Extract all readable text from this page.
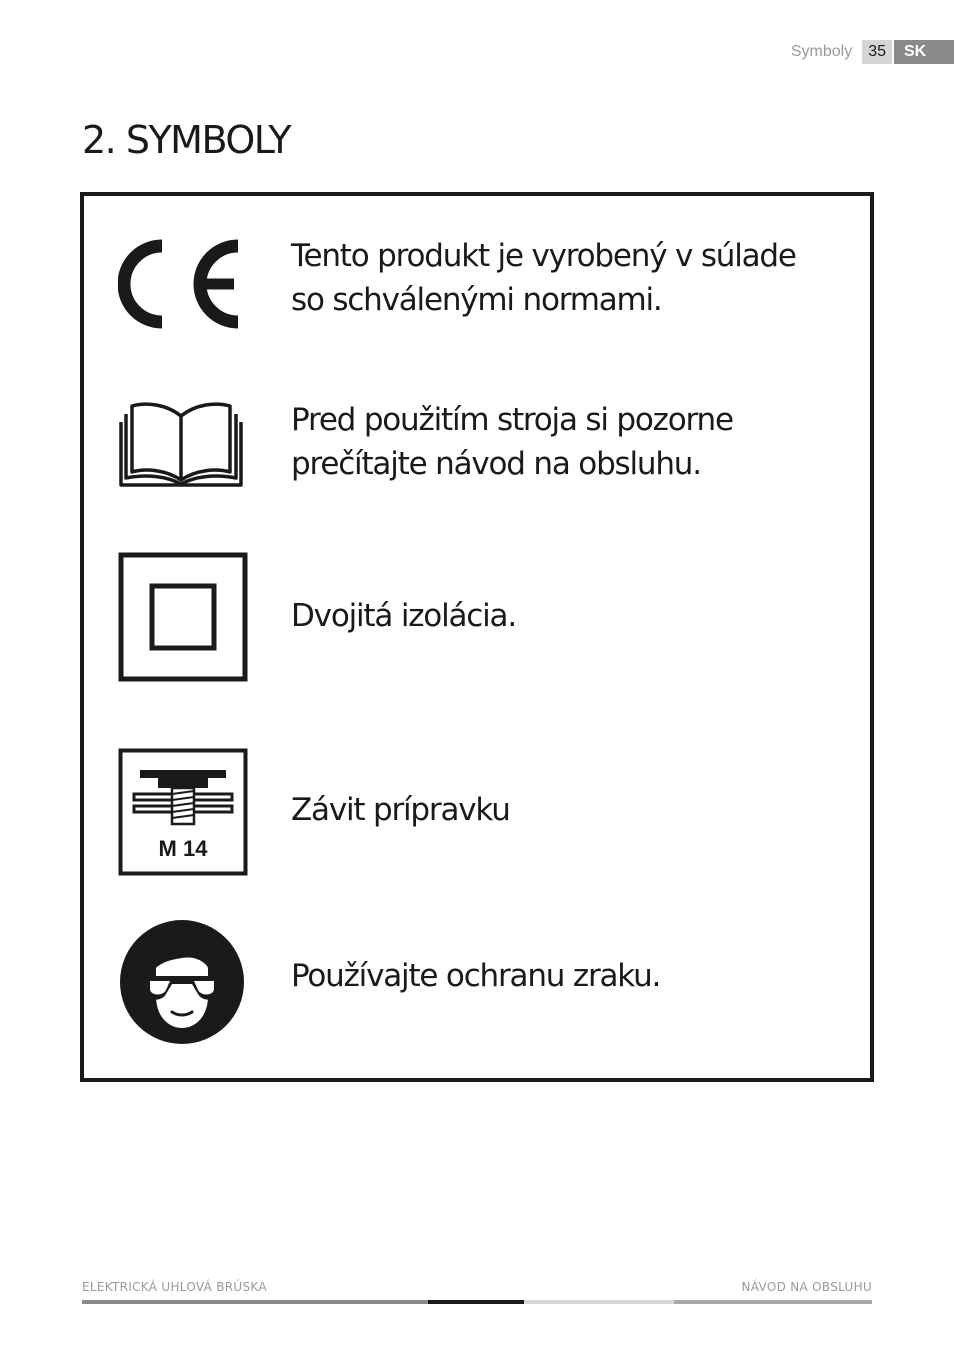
Symboly	35	SK
2. SYMBOLY
Tento produkt je vyrobený v súlade
so schválenými normami.
Pred použitím stroja si pozorne
prečítajte návod na obsluhu.
Dvojitá izolácia.
M 14
Závit prípravku
Používajte ochranu zraku.
ELEKTRICKÁ UHLOVÁ BRÚSKA	NÁVOD NA OBSLUHU
